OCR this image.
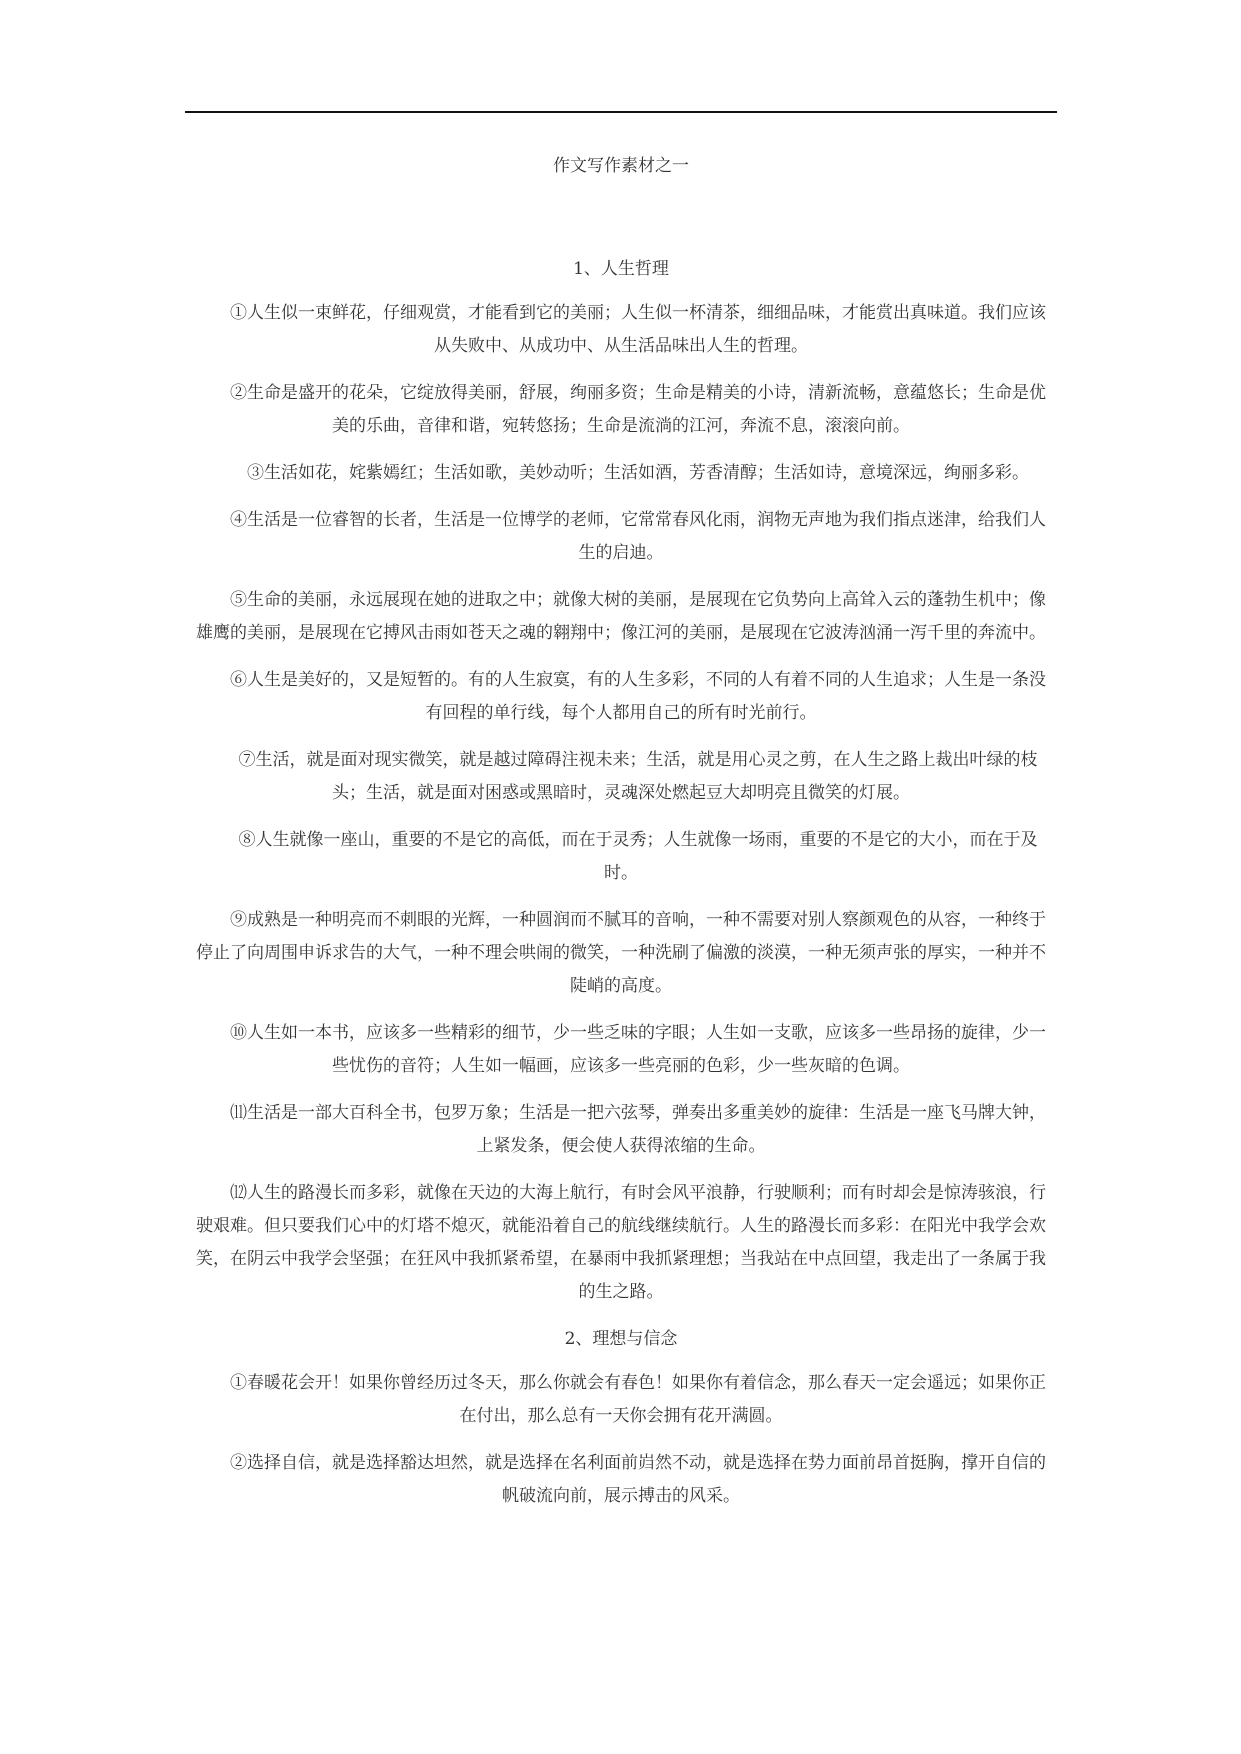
作文写作素材之一
1、人生哲理

①人生似一束鲜花，仔细观赏，才能看到它的美丽；人生似一杯清茶，细细品味，才能赏出真味道。我们应该从失败中、从成功中、从生活品味出人生的哲理。

②生命是盛开的花朵，它绽放得美丽，舒展，绚丽多资；生命是精美的小诗，清新流畅，意蕴悠长；生命是优美的乐曲，音律和谐，宛转悠扬；生命是流淌的江河，奔流不息，滚滚向前。

③生活如花，姹紫嫣红；生活如歌，美妙动听；生活如酒，芳香清醇；生活如诗，意境深远，绚丽多彩。

④生活是一位睿智的长者，生活是一位博学的老师，它常常春风化雨，润物无声地为我们指点迷津，给我们人生的启迪。

⑤生命的美丽，永远展现在她的进取之中；就像大树的美丽，是展现在它负势向上高耸入云的蓬勃生机中；像雄鹰的美丽，是展现在它搏风击雨如苍天之魂的翱翔中；像江河的美丽，是展现在它波涛汹涌一泻千里的奔流中。

⑥人生是美好的，又是短暂的。有的人生寂寞，有的人生多彩，不同的人有着不同的人生追求；人生是一条没有回程的单行线，每个人都用自己的所有时光前行。

⑦生活，就是面对现实微笑，就是越过障碍注视未来；生活，就是用心灵之剪，在人生之路上裁出叶绿的枝头；生活，就是面对困惑或黑暗时，灵魂深处燃起豆大却明亮且微笑的灯展。

⑧人生就像一座山，重要的不是它的高低，而在于灵秀；人生就像一场雨，重要的不是它的大小，而在于及时。

⑨成熟是一种明亮而不刺眼的光辉，一种圆润而不腻耳的音响，一种不需要对别人察颜观色的从容，一种终于停止了向周围申诉求告的大气，一种不理会哄闹的微笑，一种洗刷了偏激的淡漠，一种无须声张的厚实，一种并不陡峭的高度。

⑩人生如一本书，应该多一些精彩的细节，少一些乏味的字眼；人生如一支歌，应该多一些昂扬的旋律，少一些忧伤的音符；人生如一幅画，应该多一些亮丽的色彩，少一些灰暗的色调。

⑾生活是一部大百科全书，包罗万象；生活是一把六弦琴，弹奏出多重美妙的旋律：生活是一座飞马牌大钟，上紧发条，便会使人获得浓缩的生命。

⑿人生的路漫长而多彩，就像在天边的大海上航行，有时会风平浪静，行驶顺利；而有时却会是惊涛骇浪，行驶艰难。但只要我们心中的灯塔不熄灭，就能沿着自己的航线继续航行。人生的路漫长而多彩：在阳光中我学会欢笑，在阴云中我学会坚强；在狂风中我抓紧希望，在暴雨中我抓紧理想；当我站在中点回望，我走出了一条属于我的生之路。

2、理想与信念

①春暖花会开！如果你曾经历过冬天，那么你就会有春色！如果你有着信念，那么春天一定会遥远；如果你正在付出，那么总有一天你会拥有花开满圆。

②选择自信，就是选择豁达坦然，就是选择在名利面前岿然不动，就是选择在势力面前昂首挺胸，撑开自信的帆破流向前，展示搏击的风采。
